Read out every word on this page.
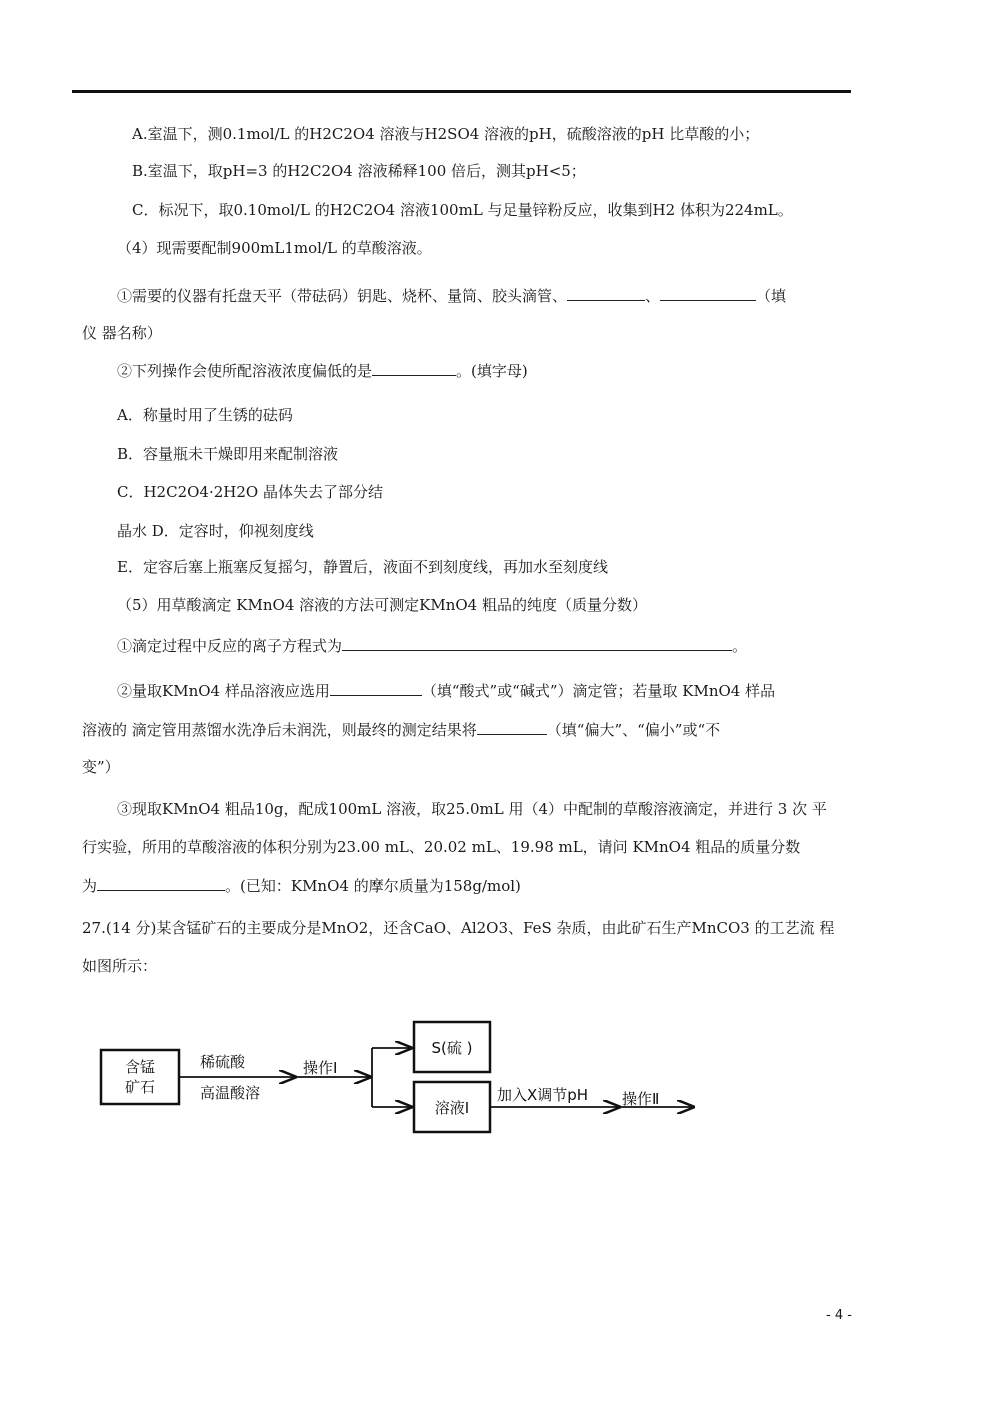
A.室温下，测0.1mol/L 的H2C2O4 溶液与H2SO4 溶液的pH，硫酸溶液的pH 比草酸的小；
B.室温下，取pH=3 的H2C2O4 溶液稀释100 倍后，测其pH<5；
C．标况下，取0.10mol/L 的H2C2O4 溶液100mL 与足量锌粉反应，收集到H2 体积为224mL。
（4）现需要配制900mL1mol/L 的草酸溶液。
①需要的仪器有托盘天平（带砝码）钥匙、烧杯、量筒、胶头滴管、	、	（填
仪 器名称）
②下列操作会使所配溶液浓度偏低的是	。(填字母)
A．称量时用了生锈的砝码
B．容量瓶未干燥即用来配制溶液
C．H2C2O4·2H2O 晶体失去了部分结
晶水 D．定容时，仰视刻度线
E．定容后塞上瓶塞反复摇匀，静置后，液面不到刻度线，再加水至刻度线
（5）用草酸滴定 KMnO4 溶液的方法可测定KMnO4 粗品的纯度（质量分数）
①滴定过程中反应的离子方程式为	。
②量取KMnO4 样品溶液应选用	（填“酸式”或“碱式”）滴定管；若量取 KMnO4 样品
溶液的 滴定管用蒸馏水洗净后未润洗，则最终的测定结果将	（填“偏大”、“偏小”或“不
变”）
③现取KMnO4 粗品10g，配成100mL 溶液，取25.0mL 用（4）中配制的草酸溶液滴定，并进行 3 次 平
行实验，所用的草酸溶液的体积分别为23.00 mL、20.02 mL、19.98 mL，请问 KMnO4 粗品的质量分数
为	。(已知：KMnO4 的摩尔质量为158g/mol)
27.(14 分)某含锰矿石的主要成分是MnO2，还含CaO、Al2O3、FeS 杂质，由此矿石生产MnCO3 的工艺流 程
如图所示：
含锰
矿石
稀硫酸
高温酸溶
操作Ⅰ
S(硫 )
溶液Ⅰ
加入X调节pH 操作Ⅱ
- 4 -
